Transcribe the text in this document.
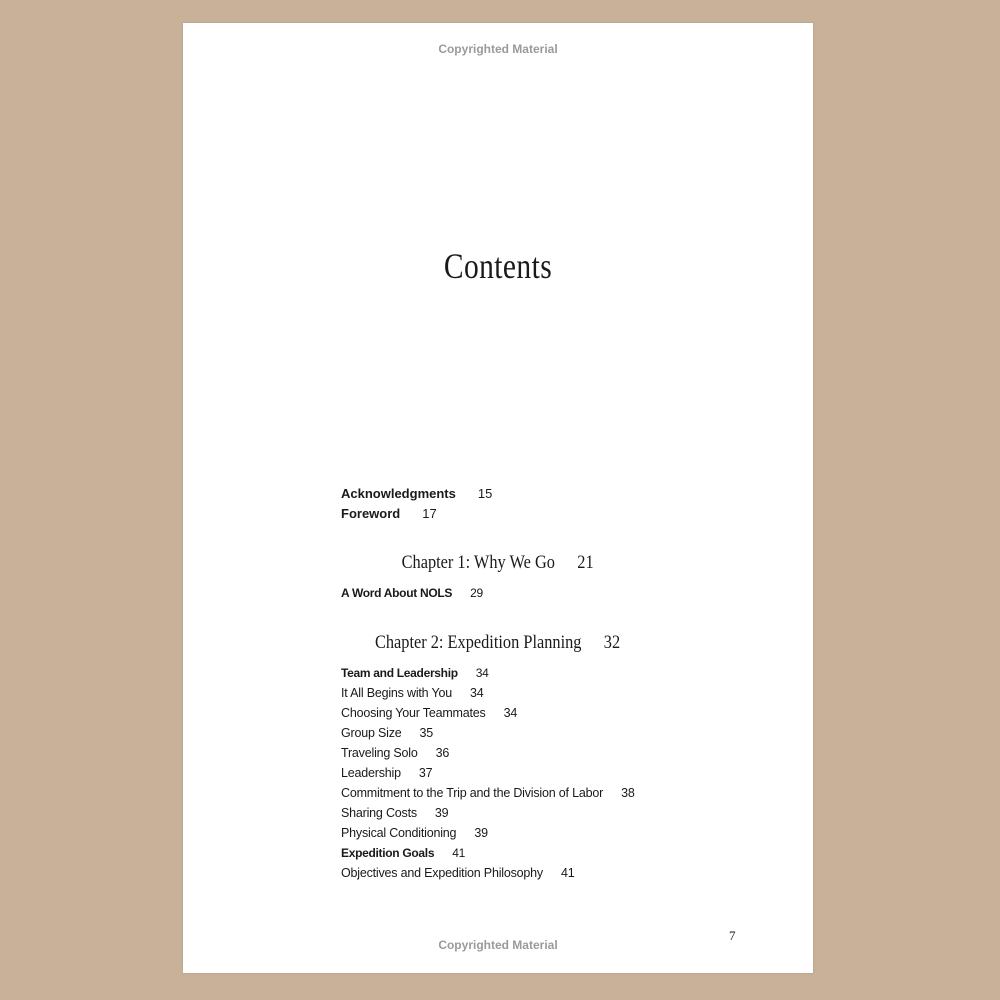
Copyrighted Material
Contents
Acknowledgments 15
Foreword 17
Chapter 1: Why We Go 21
A Word About NOLS 29
Chapter 2: Expedition Planning 32
Team and Leadership 34
It All Begins with You 34
Choosing Your Teammates 34
Group Size 35
Traveling Solo 36
Leadership 37
Commitment to the Trip and the Division of Labor 38
Sharing Costs 39
Physical Conditioning 39
Expedition Goals 41
Objectives and Expedition Philosophy 41
7
Copyrighted Material
